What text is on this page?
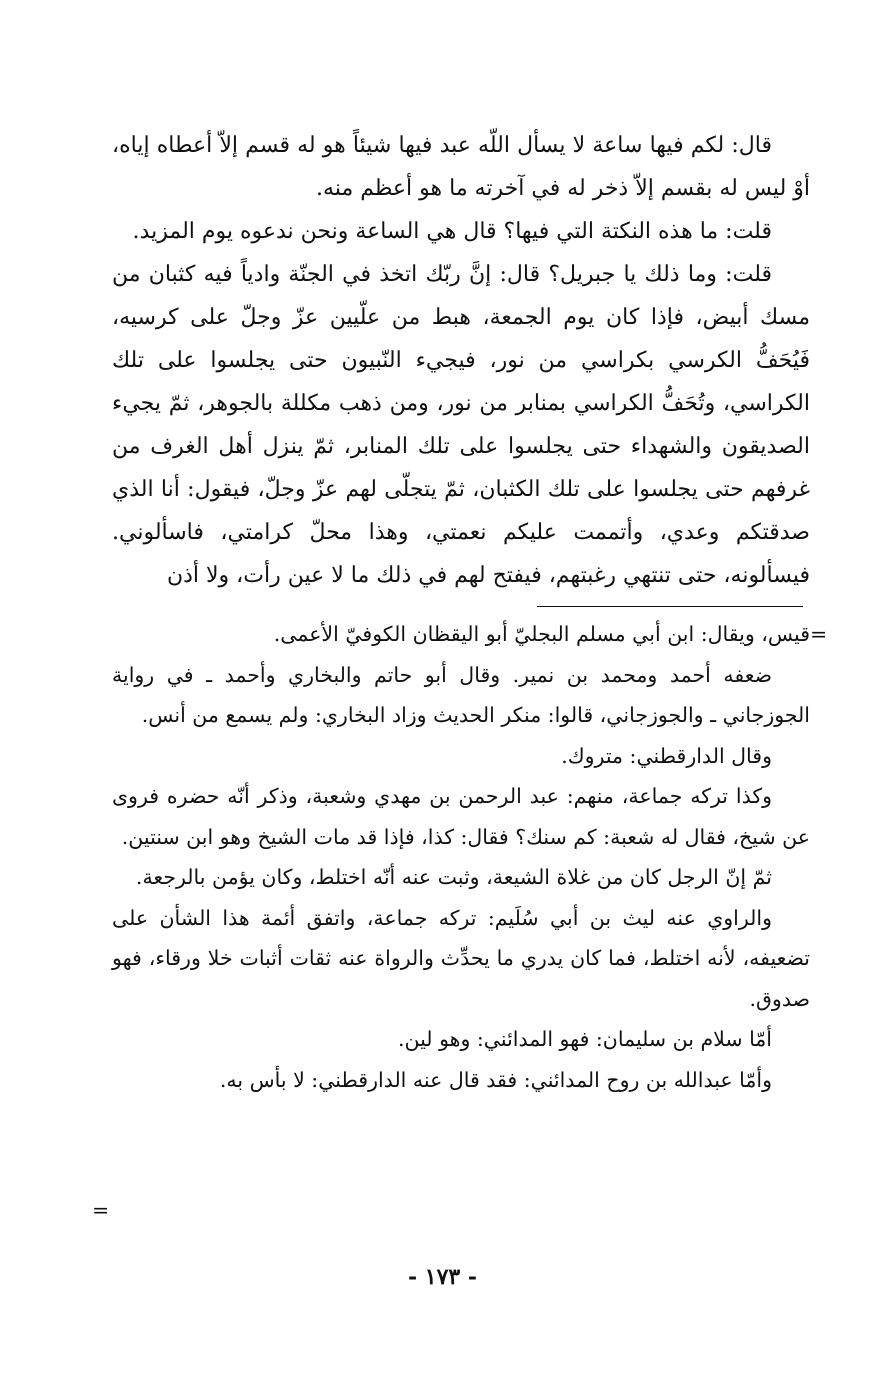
قال: لكم فيها ساعة لا يسأل اللّه عبد فيها شيئاً هو له قسم إلاّ أعطاه إياه، أوْ ليس له بقسم إلاّ ذخر له في آخرته ما هو أعظم منه.

قلت: ما هذه النكتة التي فيها؟ قال هي الساعة ونحن ندعوه يوم المزيد.

قلت: وما ذلك يا جبريل؟ قال: إنَّ ربّك اتخذ في الجنّة وادياً فيه كثبان من مسك أبيض، فإذا كان يوم الجمعة، هبط من علّيين عزّ وجلّ على كرسيه، فَيُحَفُّ الكرسي بكراسي من نور، فيجيء النّبيون حتى يجلسوا على تلك الكراسي، وتُحَفُّ الكراسي بمنابر من نور، ومن ذهب مكللة بالجوهر، ثمّ يجيء الصديقون والشهداء حتى يجلسوا على تلك المنابر، ثمّ ينزل أهل الغرف من غرفهم حتى يجلسوا على تلك الكثبان، ثمّ يتجلّى لهم عزّ وجلّ، فيقول: أنا الذي صدقتكم وعدي، وأتممت عليكم نعمتي، وهذا محلّ كرامتي، فاسألوني. فيسألونه، حتى تنتهي رغبتهم، فيفتح لهم في ذلك ما لا عين رأت، ولا أذن

=

قيس، ويقال: ابن أبي مسلم البجليّ أبو اليقظان الكوفيّ الأعمى.

ضعفه أحمد ومحمد بن نمير. وقال أبو حاتم والبخاري وأحمد ـ في رواية الجوزجاني ـ والجوزجاني، قالوا: منكر الحديث وزاد البخاري: ولم يسمع من أنس.

وقال الدارقطني: متروك.

وكذا تركه جماعة، منهم: عبد الرحمن بن مهدي وشعبة، وذكر أنّه حضره فروى عن شيخ، فقال له شعبة: كم سنك؟ فقال: كذا، فإذا قد مات الشيخ وهو ابن سنتين.

ثمّ إنّ الرجل كان من غلاة الشيعة، وثبت عنه أنّه اختلط، وكان يؤمن بالرجعة.

والراوي عنه ليث بن أبي سُلَيم: تركه جماعة، واتفق أئمة هذا الشأن على تضعيفه، لأنه اختلط، فما كان يدري ما يحدِّث والرواة عنه ثقات أثبات خلا ورقاء، فهو صدوق.

أمّا سلام بن سليمان: فهو المدائني: وهو لين.

وأمّا عبدالله بن روح المدائني: فقد قال عنه الدارقطني: لا بأس به.

=
- ١٧٣ -
